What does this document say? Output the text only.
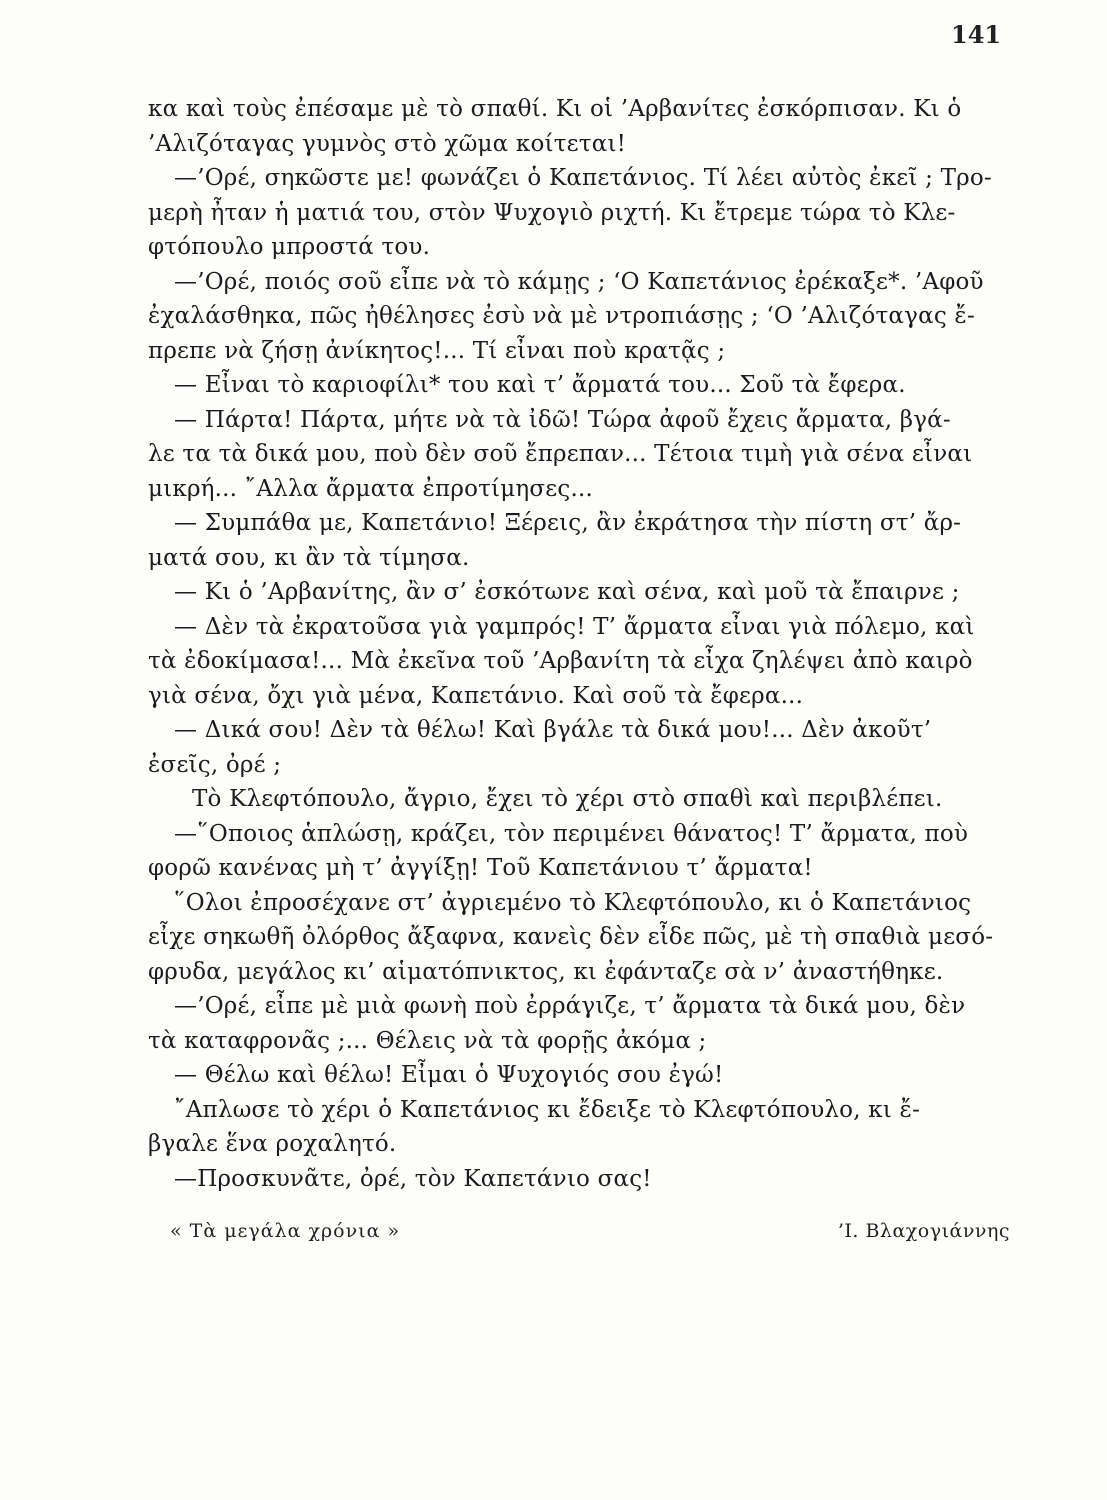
141
κα καὶ τοὺς ἐπέσαμε μὲ τὸ σπαθί. Κι οἱ ’Αρβανίτες ἐσκόρπισαν. Κι ὁ
’Αλιζόταγας γυμνὸς στὸ χῶμα κοίτεται!
—’Ορέ, σηκῶστε με! φωνάζει ὁ Καπετάνιος. Τί λέει αὐτὸς ἐκεῖ ; Τρο-
μερὴ ἦταν ἡ ματιά του, στὸν Ψυχογιὸ ριχτή. Κι ἔτρεμε τώρα τὸ Κλε-
φτόπουλο μπροστά του.
—’Ορέ, ποιός σοῦ εἶπε νὰ τὸ κάμῃς ; ‘Ο Καπετάνιος ἐρέκαξε*. ’Αφοῦ
ἐχαλάσθηκα, πῶς ἠθέλησες ἐσὺ νὰ μὲ ντροπιάσῃς ; ‘Ο ’Αλιζόταγας ἔ-
πρεπε νὰ ζήσῃ ἀνίκητος!... Τί εἶναι ποὺ κρατᾷς ;
— Εἶναι τὸ καριοφίλι* του καὶ τ’ ἄρματά του... Σοῦ τὰ ἔφερα.
— Πάρτα! Πάρτα, μήτε νὰ τὰ ἰδῶ! Τώρα ἀφοῦ ἔχεις ἄρματα, βγά-
λε τα τὰ δικά μου, ποὺ δὲν σοῦ ἔπρεπαν... Τέτοια τιμὴ γιὰ σένα εἶναι
μικρή... ῎Αλλα ἄρματα ἐπροτίμησες...
— Συμπάθα με, Καπετάνιο! Ξέρεις, ἂν ἐκράτησα τὴν πίστη στ’ ἄρ-
ματά σου, κι ἂν τὰ τίμησα.
— Κι ὁ ’Αρβανίτης, ἂν σ’ ἐσκότωνε καὶ σένα, καὶ μοῦ τὰ ἔπαιρνε ;
— Δὲν τὰ ἐκρατοῦσα γιὰ γαμπρός! Τ’ ἄρματα εἶναι γιὰ πόλεμο, καὶ
τὰ ἐδοκίμασα!... Μὰ ἐκεῖνα τοῦ ’Αρβανίτη τὰ εἶχα ζηλέψει ἀπὸ καιρὸ
γιὰ σένα, ὄχι γιὰ μένα, Καπετάνιο. Καὶ σοῦ τὰ ἔφερα...
— Δικά σου! Δὲν τὰ θέλω! Καὶ βγάλε τὰ δικά μου!... Δὲν ἀκοῦτ’
ἐσεῖς, ὀρέ ;
Τὸ Κλεφτόπουλο, ἄγριο, ἔχει τὸ χέρι στὸ σπαθὶ καὶ περιβλέπει.
—῞Οποιος ἁπλώσῃ, κράζει, τὸν περιμένει θάνατος! Τ’ ἄρματα, ποὺ
φορῶ κανένας μὴ τ’ ἀγγίξῃ! Τοῦ Καπετάνιου τ’ ἄρματα!
῞Ολοι ἐπροσέχανε στ’ ἀγριεμένο τὸ Κλεφτόπουλο, κι ὁ Καπετάνιος
εἶχε σηκωθῆ ὀλόρθος ἄξαφνα, κανεὶς δὲν εἶδε πῶς, μὲ τὴ σπαθιὰ μεσό-
φρυδα, μεγάλος κι’ αἱματόπνικτος, κι ἐφάνταζε σὰ ν’ ἀναστήθηκε.
—’Ορέ, εἶπε μὲ μιὰ φωνὴ ποὺ ἐρράγιζε, τ’ ἄρματα τὰ δικά μου, δὲν
τὰ καταφρονᾶς ;... Θέλεις νὰ τὰ φορῇς ἀκόμα ;
— Θέλω καὶ θέλω! Εἶμαι ὁ Ψυχογιός σου ἐγώ!
῎Απλωσε τὸ χέρι ὁ Καπετάνιος κι ἔδειξε τὸ Κλεφτόπουλο, κι ἔ-
βγαλε ἕνα ροχαλητό.
—Προσκυνᾶτε, ὀρέ, τὸν Καπετάνιο σας!
« Τὰ μεγάλα χρόνια »	’Ι. Βλαχογιάννης
